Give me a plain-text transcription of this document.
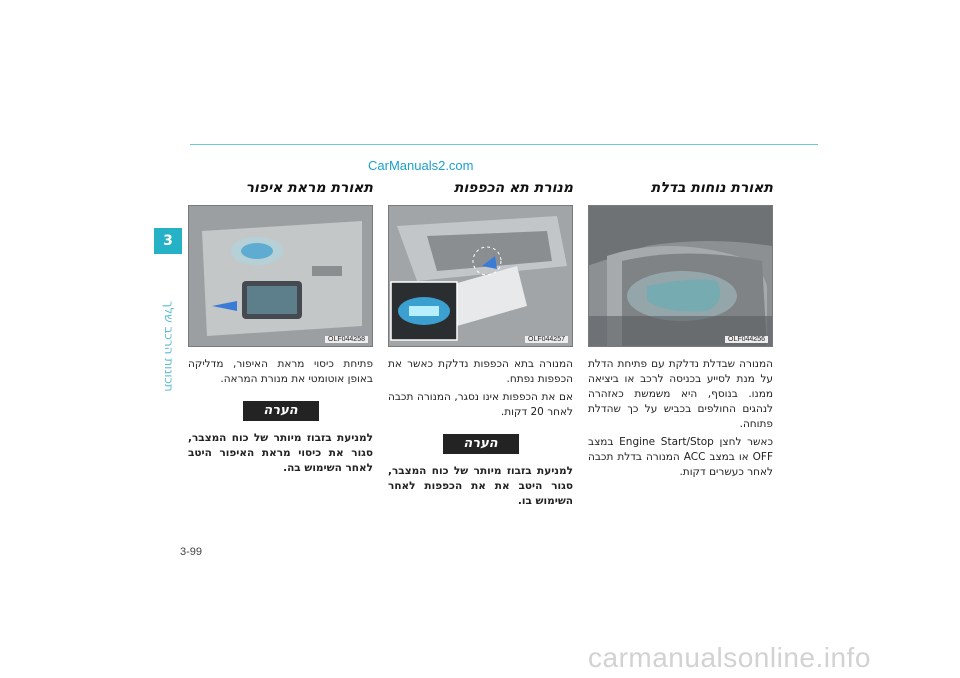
CarManuals2.com
3
תכונות הרכב שלך
תאורת נוחות בדלת
OLF044256

המנורה שבדלת נדלקת עם פתיחת הדלת על מנת לסייע בכניסה לרכב או ביציאה ממנו. בנוסף, היא משמשת כאזהרה לנהגים החולפים בכביש על כך שהדלת פתוחה.

כאשר לחצן Engine Start/Stop במצב OFF או במצב ACC המנורה בדלת תכבה לאחר כעשרים דקות.

מנורת תא הכפפות
OLF044257

המנורה בתא הכפפות נדלקת כאשר את הכפפות נפתח.

אם את הכפפות אינו נסגר, המנורה תכבה לאחר 20 דקות.

הערה
למניעת בזבוז מיותר של כוח המצבר, סגור היטב את את הכפפות לאחר השימוש בו.
תאורת מראת איפור
OLF044258

פתיחת כיסוי מראת האיפור, מדליקה באופן אוטומטי את מנורת המראה.

הערה
למניעת בזבוז מיותר של כוח המצבר, סגור את כיסוי מראת האיפור היטב לאחר השימוש בה.
3-99
carmanualsonline.info
